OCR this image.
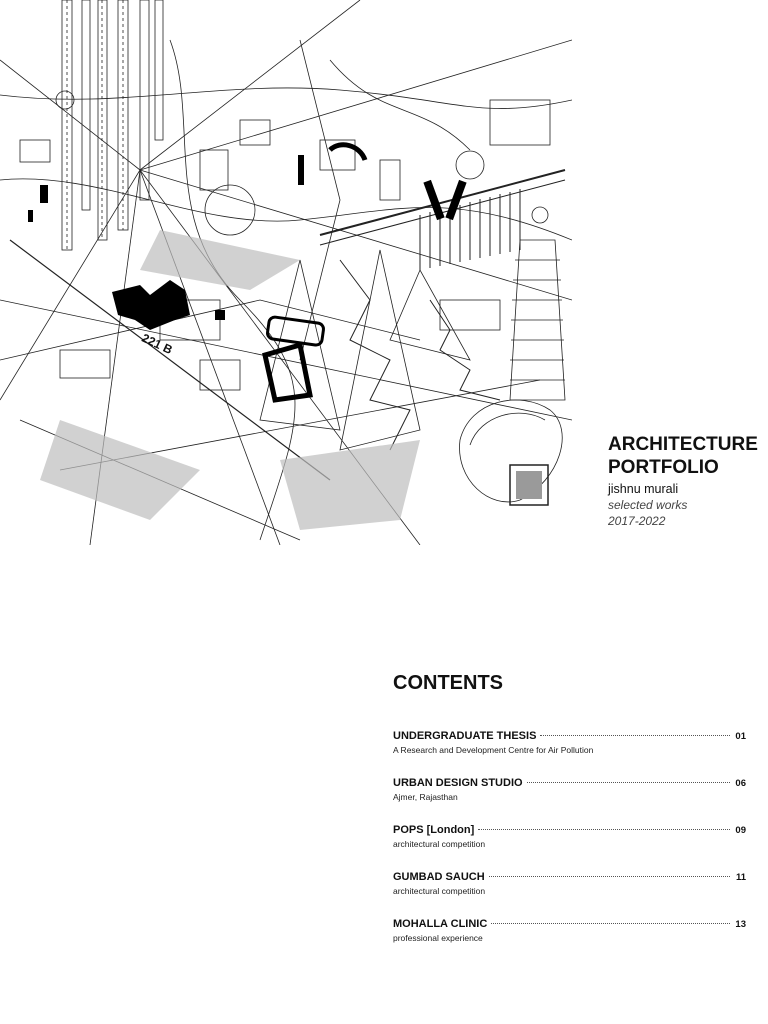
221 B
ARCHITECTURE
PORTFOLIO
jishnu murali
selected works
2017-2022
CONTENTS
UNDERGRADUATE THESIS	01
A Research and Development Centre for Air Pollution
URBAN DESIGN STUDIO	06
Ajmer, Rajasthan
POPS [London]	09
architectural competition
GUMBAD SAUCH	11
architectural competition
MOHALLA CLINIC	13
professional experience
